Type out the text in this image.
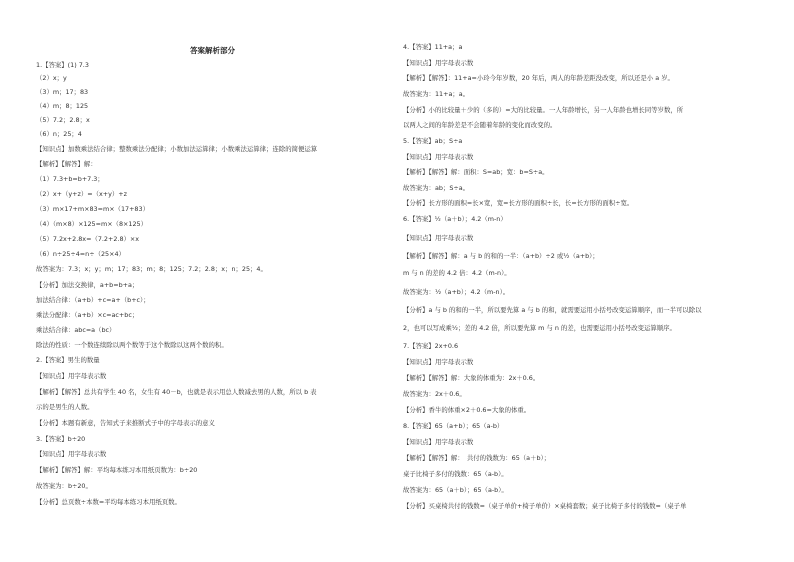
答案解析部分
1.【答案】(1) 7.3
（2）x；y
（3）m；17；83
（4）m；8；125
（5）7.2；2.8；x
（6）n；25；4
【知识点】加数乘法结合律；整数乘法分配律；小数加法运算律；小数乘法运算律；连除的简便运算
【解析】【解答】解：
（1）7.3+b=b+7.3；
（2）x+（y+z）=（x+y）+z
（3）m×17+m×83=m×（17+83）
（4）（m×8）×125=m×（8×125）
（5）7.2x+2.8x=（7.2+2.8）×x
（6）n÷25÷4=n÷（25×4）
故答案为：7.3；x；y；m；17；83；m；8；125；7.2；2.8；x；n；25；4。
【分析】加法交换律，a+b=b+a；
加法结合律：（a+b）+c=a+（b+c）；
乘法分配律：（a+b）×c=ac+bc；
乘法结合律：abc=a（bc）
除法的性质：一个数连续除以两个数等于这个数除以这两个数的积。
2.【答案】男生的数量
【知识点】用字母表示数
【解析】【解答】总共有学生 40 名，女生有 40－b，也就是表示用总人数减去男的人数，所以 b 表
示的是男生的人数。
【分析】本题有新意，告知式子来推断式子中的字母表示的意义
3.【答案】b÷20
【知识点】用字母表示数
【解析】【解答】解：平均每本练习本用纸页数为：b÷20
故答案为：b÷20。
【分析】总页数÷本数=平均每本练习本用纸页数。
4.【答案】11+a；a
【知识点】用字母表示数
【解析】【解答】：11+a=小玲今年岁数，20 年后，两人的年龄差距没改变，所以还是小 a 岁。
故答案为：11+a；a。
【分析】小的比较量＋少的（多的）=大的比较量。一人年龄增长，另一人年龄也增长同等岁数，所
以两人之间的年龄差是不会随着年龄的变化而改变的。
5.【答案】ab；S÷a
【知识点】用字母表示数
【解析】【解答】解：面积：S=ab；宽：b=S÷a。
故答案为：ab；S÷a。
【分析】长方形的面积=长×宽，宽=长方形的面积÷长，长=长方形的面积÷宽。
6.【答案】½（a＋b）；4.2（m-n）
【知识点】用字母表示数
【解析】【解答】解：a 与 b 的和的一半：（a+b）÷2 或½（a+b）；
m 与 n 的差的 4.2 倍：4.2（m-n）。
故答案为：½（a+b）；4.2（m-n）。
【分析】a 与 b 的和的一半，所以要先算 a 与 b 的和，就需要运用小括号改变运算顺序，而一半可以除以
2，也可以写成乘½；差的 4.2 倍，所以要先算 m 与 n 的差，也需要运用小括号改变运算顺序。
7.【答案】2x+0.6
【知识点】用字母表示数
【解析】【解答】解：大象的体重为：2x＋0.6。
故答案为：2x＋0.6。
【分析】香牛的体重×2＋0.6=大象的体重。
8.【答案】65（a+b）；65（a-b）
【知识点】用字母表示数
【解析】【解答】解：　共付的钱数为：65（a＋b）；
桌子比椅子多付的钱数：65（a-b）。
故答案为：65（a＋b）；65（a-b）。
【分析】买桌椅共付的钱数=（桌子单价+椅子单价）×桌椅套数；桌子比椅子多付的钱数=（桌子单
